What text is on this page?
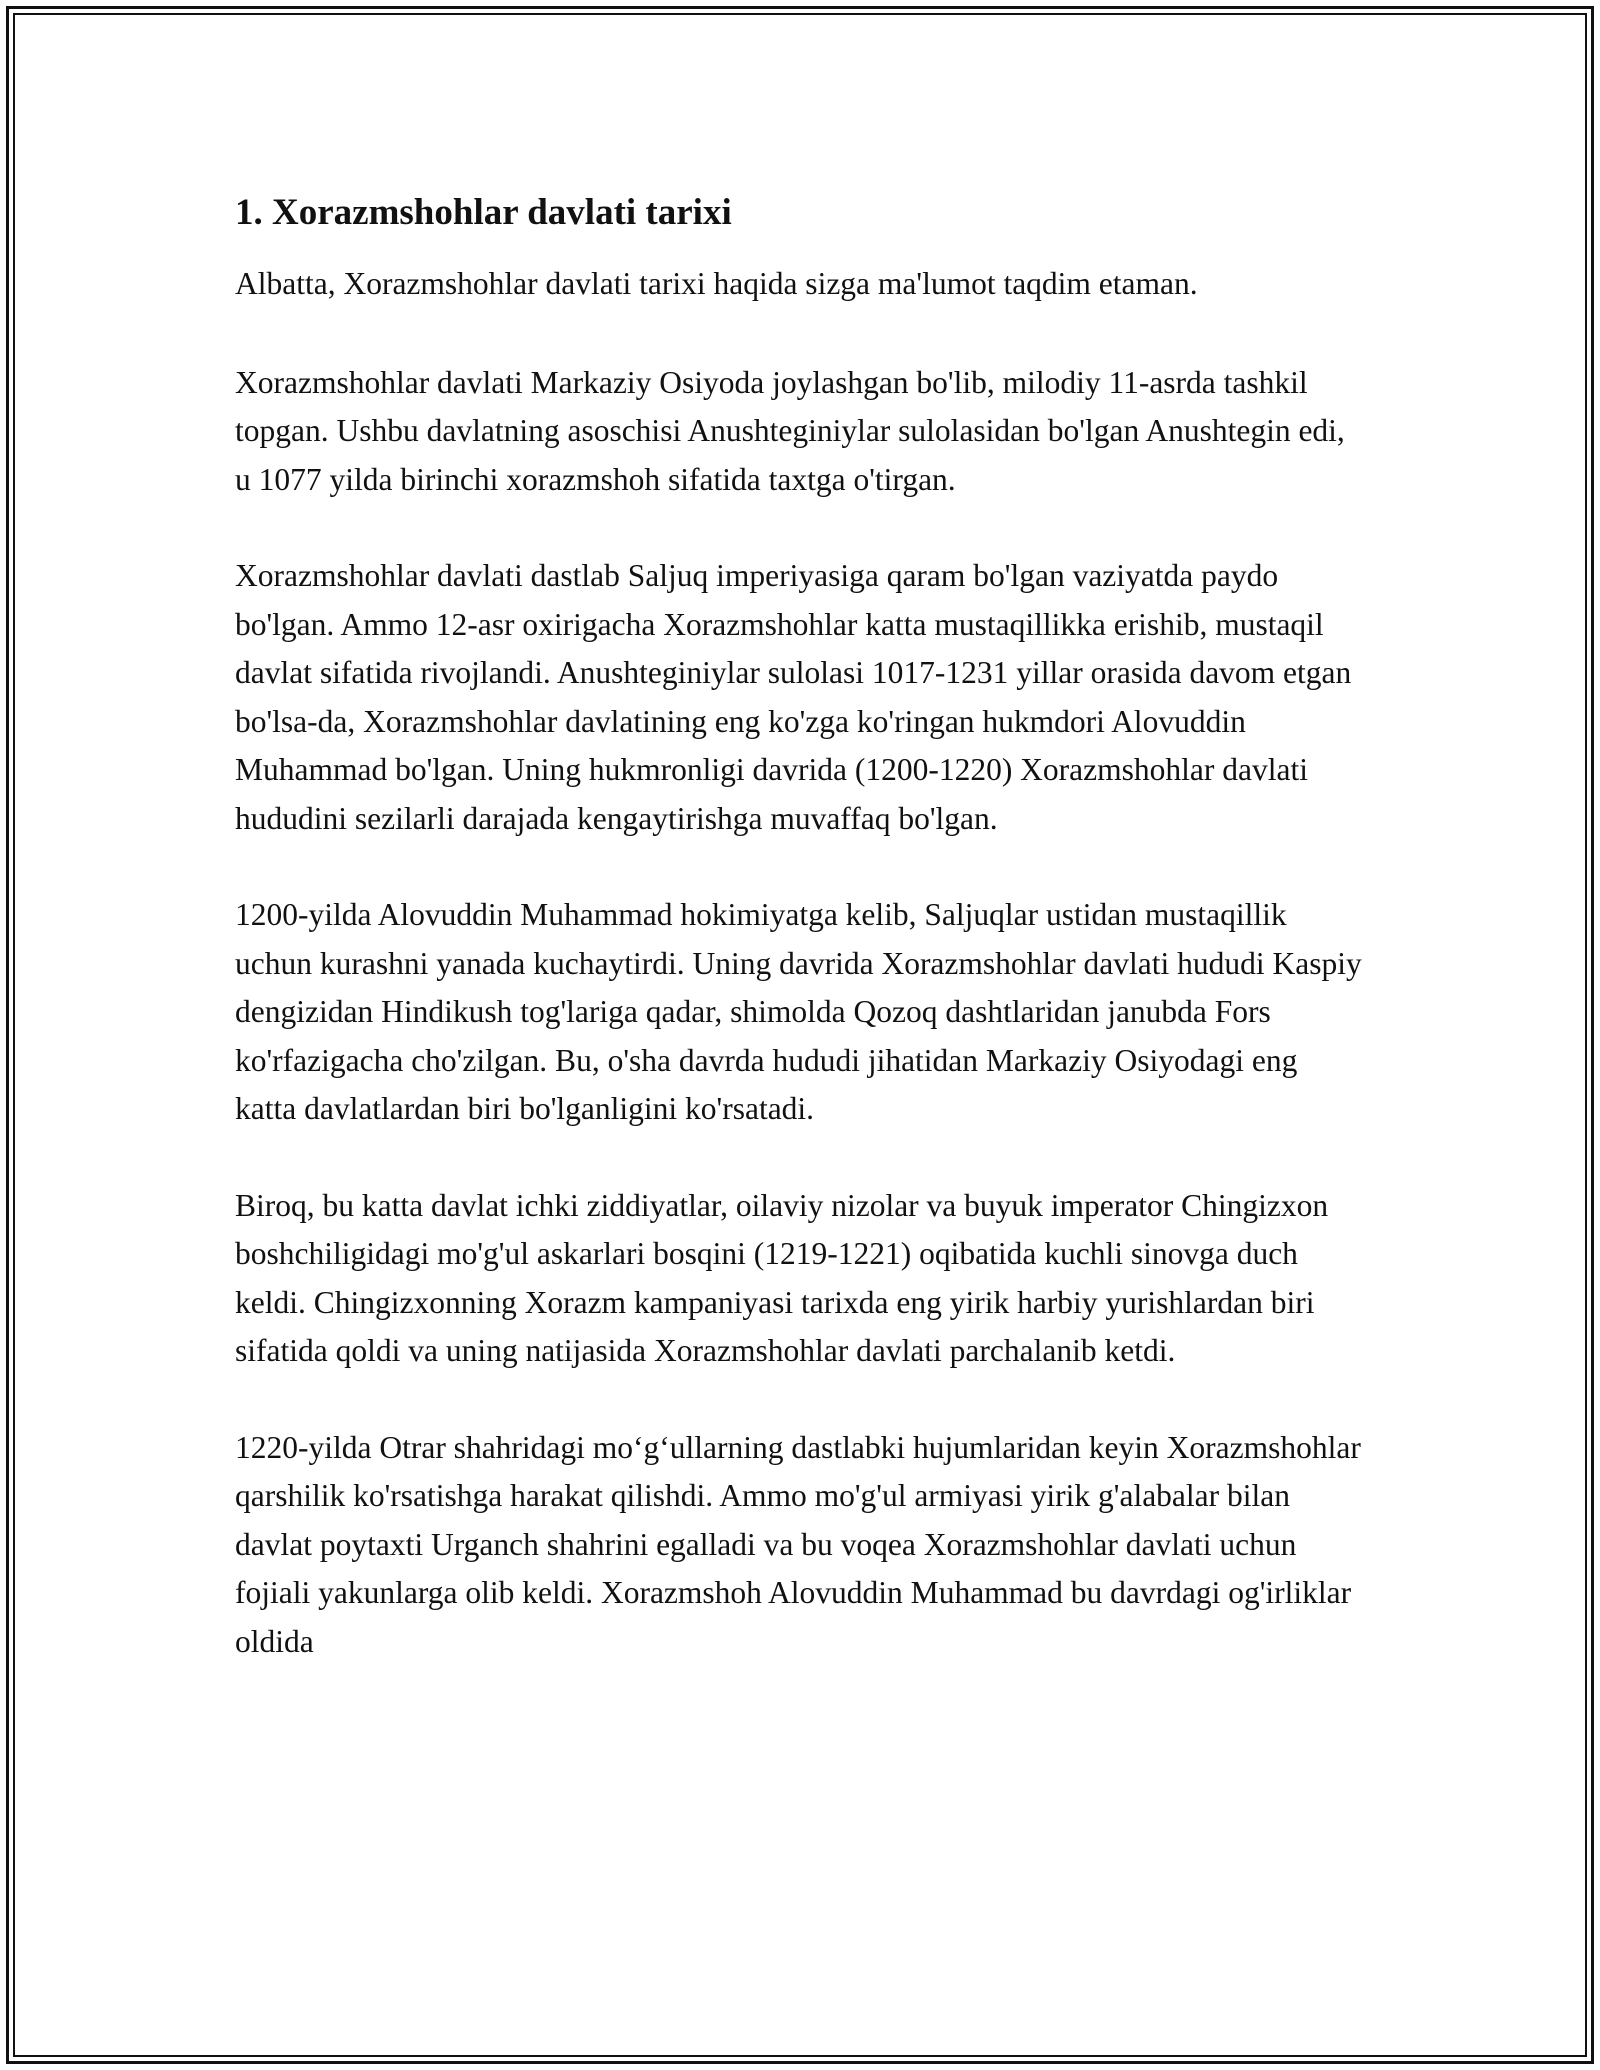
1. Xorazmshohlar davlati tarixi

Albatta, Xorazmshohlar davlati tarixi haqida sizga ma'lumot taqdim etaman.

Xorazmshohlar davlati Markaziy Osiyoda joylashgan bo'lib, milodiy 11-asrda tashkil topgan. Ushbu davlatning asoschisi Anushteginiylar sulolasidan bo'lgan Anushtegin edi, u 1077 yilda birinchi xorazmshoh sifatida taxtga o'tirgan.

Xorazmshohlar davlati dastlab Saljuq imperiyasiga qaram bo'lgan vaziyatda paydo bo'lgan. Ammo 12-asr oxirigacha Xorazmshohlar katta mustaqillikka erishib, mustaqil davlat sifatida rivojlandi. Anushteginiylar sulolasi 1017-1231 yillar orasida davom etgan bo'lsa-da, Xorazmshohlar davlatining eng ko'zga ko'ringan hukmdori Alovuddin Muhammad bo'lgan. Uning hukmronligi davrida (1200-1220) Xorazmshohlar davlati hududini sezilarli darajada kengaytirishga muvaffaq bo'lgan.

1200-yilda Alovuddin Muhammad hokimiyatga kelib, Saljuqlar ustidan mustaqillik uchun kurashni yanada kuchaytirdi. Uning davrida Xorazmshohlar davlati hududi Kaspiy dengizidan Hindikush tog'lariga qadar, shimolda Qozoq dashtlaridan janubda Fors ko'rfazigacha cho'zilgan. Bu, o'sha davrda hududi jihatidan Markaziy Osiyodagi eng katta davlatlardan biri bo'lganligini ko'rsatadi.

Biroq, bu katta davlat ichki ziddiyatlar, oilaviy nizolar va buyuk imperator Chingizxon boshchiligidagi mo'g'ul askarlari bosqini (1219-1221) oqibatida kuchli sinovga duch keldi. Chingizxonning Xorazm kampaniyasi tarixda eng yirik harbiy yurishlardan biri sifatida qoldi va uning natijasida Xorazmshohlar davlati parchalanib ketdi.

1220-yilda Otrar shahridagi mo‘g‘ullarning dastlabki hujumlaridan keyin Xorazmshohlar qarshilik ko'rsatishga harakat qilishdi. Ammo mo'g'ul armiyasi yirik g'alabalar bilan davlat poytaxti Urganch shahrini egalladi va bu voqea Xorazmshohlar davlati uchun fojiali yakunlarga olib keldi. Xorazmshoh Alovuddin Muhammad bu davrdagi og'irliklar oldida
